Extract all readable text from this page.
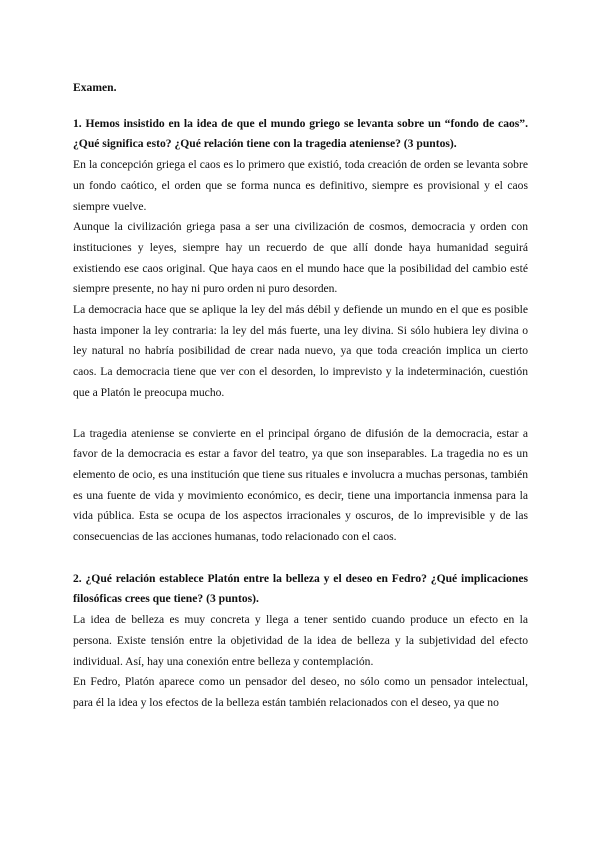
Examen.

1. Hemos insistido en la idea de que el mundo griego se levanta sobre un “fondo de caos”. ¿Qué significa esto? ¿Qué relación tiene con la tragedia ateniense? (3 puntos).

En la concepción griega el caos es lo primero que existió, toda creación de orden se levanta sobre un fondo caótico, el orden que se forma nunca es definitivo, siempre es provisional y el caos siempre vuelve.

Aunque la civilización griega pasa a ser una civilización de cosmos, democracia y orden con instituciones y leyes, siempre hay un recuerdo de que allí donde haya humanidad seguirá existiendo ese caos original. Que haya caos en el mundo hace que la posibilidad del cambio esté siempre presente, no hay ni puro orden ni puro desorden.

La democracia hace que se aplique la ley del más débil y defiende un mundo en el que es posible hasta imponer la ley contraria: la ley del más fuerte, una ley divina. Si sólo hubiera ley divina o ley natural no habría posibilidad de crear nada nuevo, ya que toda creación implica un cierto caos. La democracia tiene que ver con el desorden, lo imprevisto y la indeterminación, cuestión que a Platón le preocupa mucho.

La tragedia ateniense se convierte en el principal órgano de difusión de la democracia, estar a favor de la democracia es estar a favor del teatro, ya que son inseparables. La tragedia no es un elemento de ocio, es una institución que tiene sus rituales e involucra a muchas personas, también es una fuente de vida y movimiento económico, es decir, tiene una importancia inmensa para la vida pública. Esta se ocupa de los aspectos irracionales y oscuros, de lo imprevisible y de las consecuencias de las acciones humanas, todo relacionado con el caos.

2. ¿Qué relación establece Platón entre la belleza y el deseo en Fedro? ¿Qué implicaciones filosóficas crees que tiene? (3 puntos).

La idea de belleza es muy concreta y llega a tener sentido cuando produce un efecto en la persona. Existe tensión entre la objetividad de la idea de belleza y la subjetividad del efecto individual. Así, hay una conexión entre belleza y contemplación.

En Fedro, Platón aparece como un pensador del deseo, no sólo como un pensador intelectual, para él la idea y los efectos de la belleza están también relacionados con el deseo, ya que no
